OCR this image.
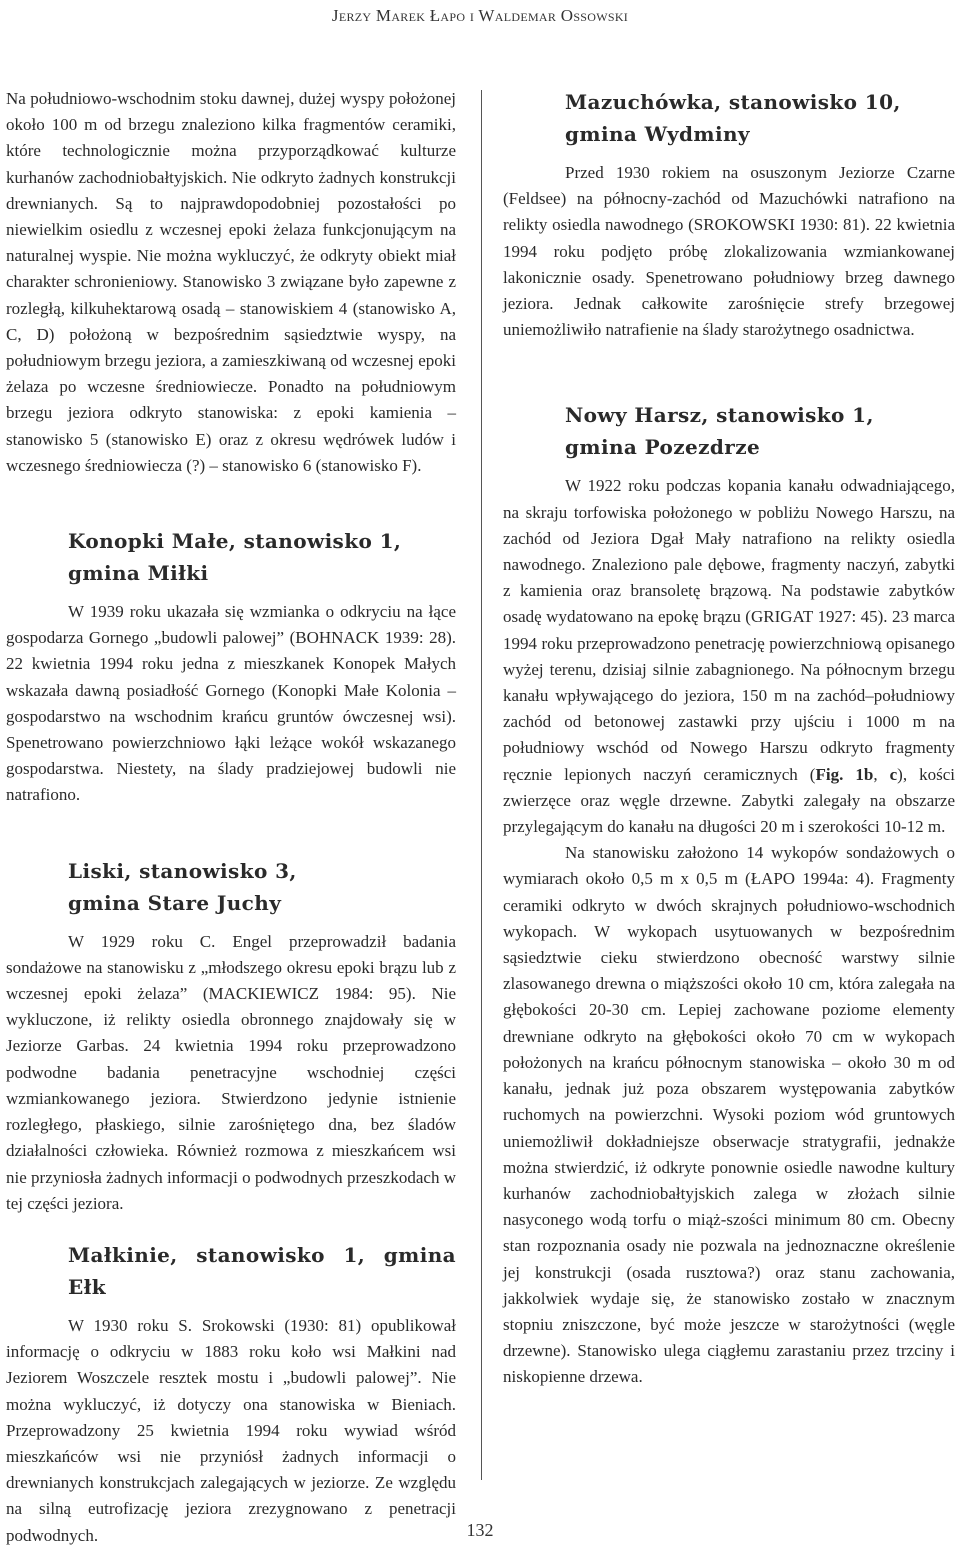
Jerzy Marek Łapo i Waldemar Ossowski

Na południowo-wschodnim stoku dawnej, dużej wyspy położonej około 100 m od brzegu znaleziono kilka fragmentów ceramiki, które technologicznie można przyporządkować kulturze kurhanów zachodniobałtyjskich. Nie odkryto żadnych konstrukcji drewnianych. Są to najprawdopodobniej pozostałości po niewielkim osiedlu z wczesnej epoki żelaza funkcjonującym na naturalnej wyspie. Nie można wykluczyć, że odkryty obiekt miał charakter schronieniowy. Stanowisko 3 związane było zapewne z rozległą, kilkuhektarową osadą – stanowiskiem 4 (stanowisko A, C, D) położoną w bezpośrednim sąsiedztwie wyspy, na południowym brzegu jeziora, a zamieszkiwaną od wczesnej epoki żelaza po wczesne średniowiecze. Ponadto na południowym brzegu jeziora odkryto stanowiska: z epoki kamienia – stanowisko 5 (stanowisko E) oraz z okresu wędrówek ludów i wczesnego średniowiecza (?) – stanowisko 6 (stanowisko F).

Konopki Małe, stanowisko 1,
gmina Miłki

W 1939 roku ukazała się wzmianka o odkryciu na łące gospodarza Gornego „budowli palowej” (BOHNACK 1939: 28). 22 kwietnia 1994 roku jedna z mieszkanek Konopek Małych wskazała dawną posiadłość Gornego (Konopki Małe Kolonia – gospodarstwo na wschodnim krańcu gruntów ówczesnej wsi). Spenetrowano powierzchniowo łąki leżące wokół wskazanego gospodarstwa. Niestety, na ślady pradziejowej budowli nie natrafiono.

Liski, stanowisko 3,
gmina Stare Juchy

W 1929 roku C. Engel przeprowadził badania sondażowe na stanowisku z „młodszego okresu epoki brązu lub z wczesnej epoki żelaza” (MACKIEWICZ 1984: 95). Nie wykluczone, iż relikty osiedla obronnego znajdowały się w Jeziorze Garbas. 24 kwietnia 1994 roku przeprowadzono podwodne badania penetracyjne wschodniej części wzmiankowanego jeziora. Stwierdzono jedynie istnienie rozległego, płaskiego, silnie zarośniętego dna, bez śladów działalności człowieka. Również rozmowa z mieszkańcem wsi nie przyniosła żadnych informacji o podwodnych przeszkodach w tej części jeziora.

Małkinie, stanowisko 1, gmina Ełk

W 1930 roku S. Srokowski (1930: 81) opublikował informację o odkryciu w 1883 roku koło wsi Małkini nad Jeziorem Woszczele resztek mostu i „budowli palowej”. Nie można wykluczyć, iż dotyczy ona stanowiska w Bieniach. Przeprowadzony 25 kwietnia 1994 roku wywiad wśród mieszkańców wsi nie przyniósł żadnych informacji o drewnianych konstrukcjach zalegających w jeziorze. Ze względu na silną eutrofizację jeziora zrezygnowano z penetracji podwodnych.

Mazuchówka, stanowisko 10,
gmina Wydminy

Przed 1930 rokiem na osuszonym Jeziorze Czarne (Feldsee) na północny-zachód od Mazuchówki natrafiono na relikty osiedla nawodnego (SROKOWSKI 1930: 81). 22 kwietnia 1994 roku podjęto próbę zlokalizowania wzmiankowanej lakonicznie osady. Spenetrowano południowy brzeg dawnego jeziora. Jednak całkowite zarośnięcie strefy brzegowej uniemożliwiło natrafienie na ślady starożytnego osadnictwa.

Nowy Harsz, stanowisko 1,
gmina Pozezdrze

W 1922 roku podczas kopania kanału odwadniającego, na skraju torfowiska położonego w pobliżu Nowego Harszu, na zachód od Jeziora Dgał Mały natrafiono na relikty osiedla nawodnego. Znaleziono pale dębowe, fragmenty naczyń, zabytki z kamienia oraz bransoletę brązową. Na podstawie zabytków osadę wydatowano na epokę brązu (GRIGAT 1927: 45). 23 marca 1994 roku przeprowadzono penetrację powierzchniową opisanego wyżej terenu, dzisiaj silnie zabagnionego. Na północnym brzegu kanału wpływającego do jeziora, 150 m na zachód–południowy zachód od betonowej zastawki przy ujściu i 1000 m na południowy wschód od Nowego Harszu odkryto fragmenty ręcznie lepionych naczyń ceramicznych (Fig. 1b, c), kości zwierzęce oraz węgle drzewne. Zabytki zalegały na obszarze przylegającym do kanału na długości 20 m i szerokości 10-12 m.

Na stanowisku założono 14 wykopów sondażowych o wymiarach około 0,5 m x 0,5 m (ŁAPO 1994a: 4). Fragmenty ceramiki odkryto w dwóch skrajnych południowo-wschodnich wykopach. W wykopach usytuowanych w bezpośrednim sąsiedztwie cieku stwierdzono obecność warstwy silnie zlasowanego drewna o miąższości około 10 cm, która zalegała na głębokości 20-30 cm. Lepiej zachowane poziome elementy drewniane odkryto na głębokości około 70 cm w wykopach położonych na krańcu północnym stanowiska – około 30 m od kanału, jednak już poza obszarem występowania zabytków ruchomych na powierzchni. Wysoki poziom wód gruntowych uniemożliwił dokładniejsze obserwacje stratygrafii, jednakże można stwierdzić, iż odkryte ponownie osiedle nawodne kultury kurhanów zachodniobałtyjskich zalega w złożach silnie nasyconego wodą torfu o miąż-szości minimum 80 cm. Obecny stan rozpoznania osady nie pozwala na jednoznaczne określenie jej konstrukcji (osada rusztowa?) oraz stanu zachowania, jakkolwiek wydaje się, że stanowisko zostało w znacznym stopniu zniszczone, być może jeszcze w starożytności (węgle drzewne). Stanowisko ulega ciągłemu zarastaniu przez trzciny i niskopienne drzewa.

132
